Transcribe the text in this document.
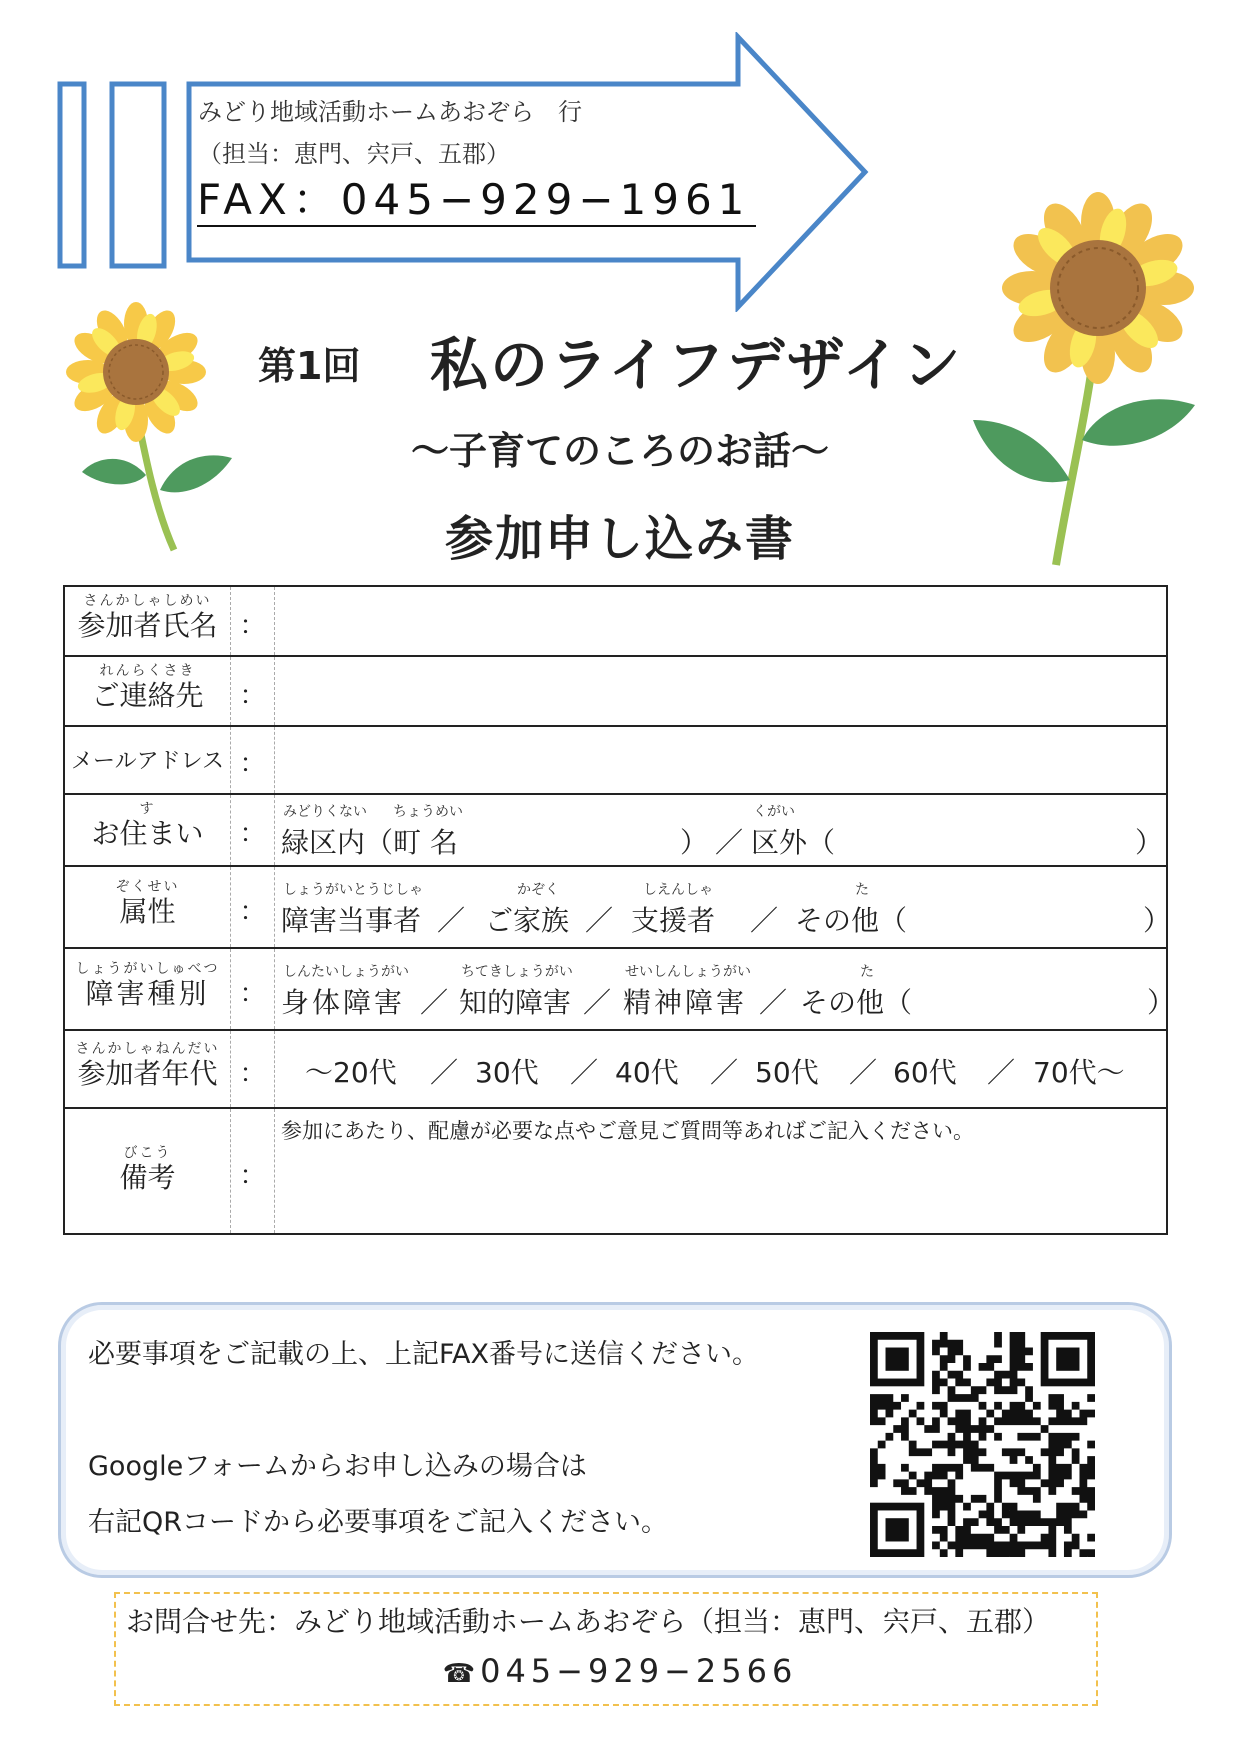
みどり地域活動ホームあおぞら　行
（担当：恵門、宍戸、五郡）
FAX：045−929−1961
第1回 私のライフデザイン
〜子育てのころのお話〜
参加申し込み書
さんかしゃしめい
参加者氏名 ：
れんらくさき
ご連絡先	：
メールアドレス ：
す
お住まい	：
みどりくない ちょうめい	くがい
緑区内（町 名	） ／ 区外（	）
ぞくせい
属性	：
しょうがいとうじしゃ	かぞく	しえんしゃ	た
障害当事者 ／ ご家族 ／ 支援者 ／ その他（	）
しょうがいしゅべつ
障害種別	：
しんたいしょうがい	ちてきしょうがい	せいしんしょうがい	た
身体障害 ／ 知的障害 ／ 精神障害 ／ その他（	）
さんかしゃねんだい
参加者年代 ：	〜20代 ／ 30代 ／ 40代 ／ 50代 ／ 60代 ／ 70代〜
びこう
備考	：
参加にあたり、配慮が必要な点やご意見ご質問等あればご記入ください。
必要事項をご記載の上、上記FAX番号に送信ください。
Googleフォームからお申し込みの場合は
右記QRコードから必要事項をご記入ください。
お問合せ先：みどり地域活動ホームあおぞら（担当：恵門、宍戸、五郡）
☎045−929−2566
